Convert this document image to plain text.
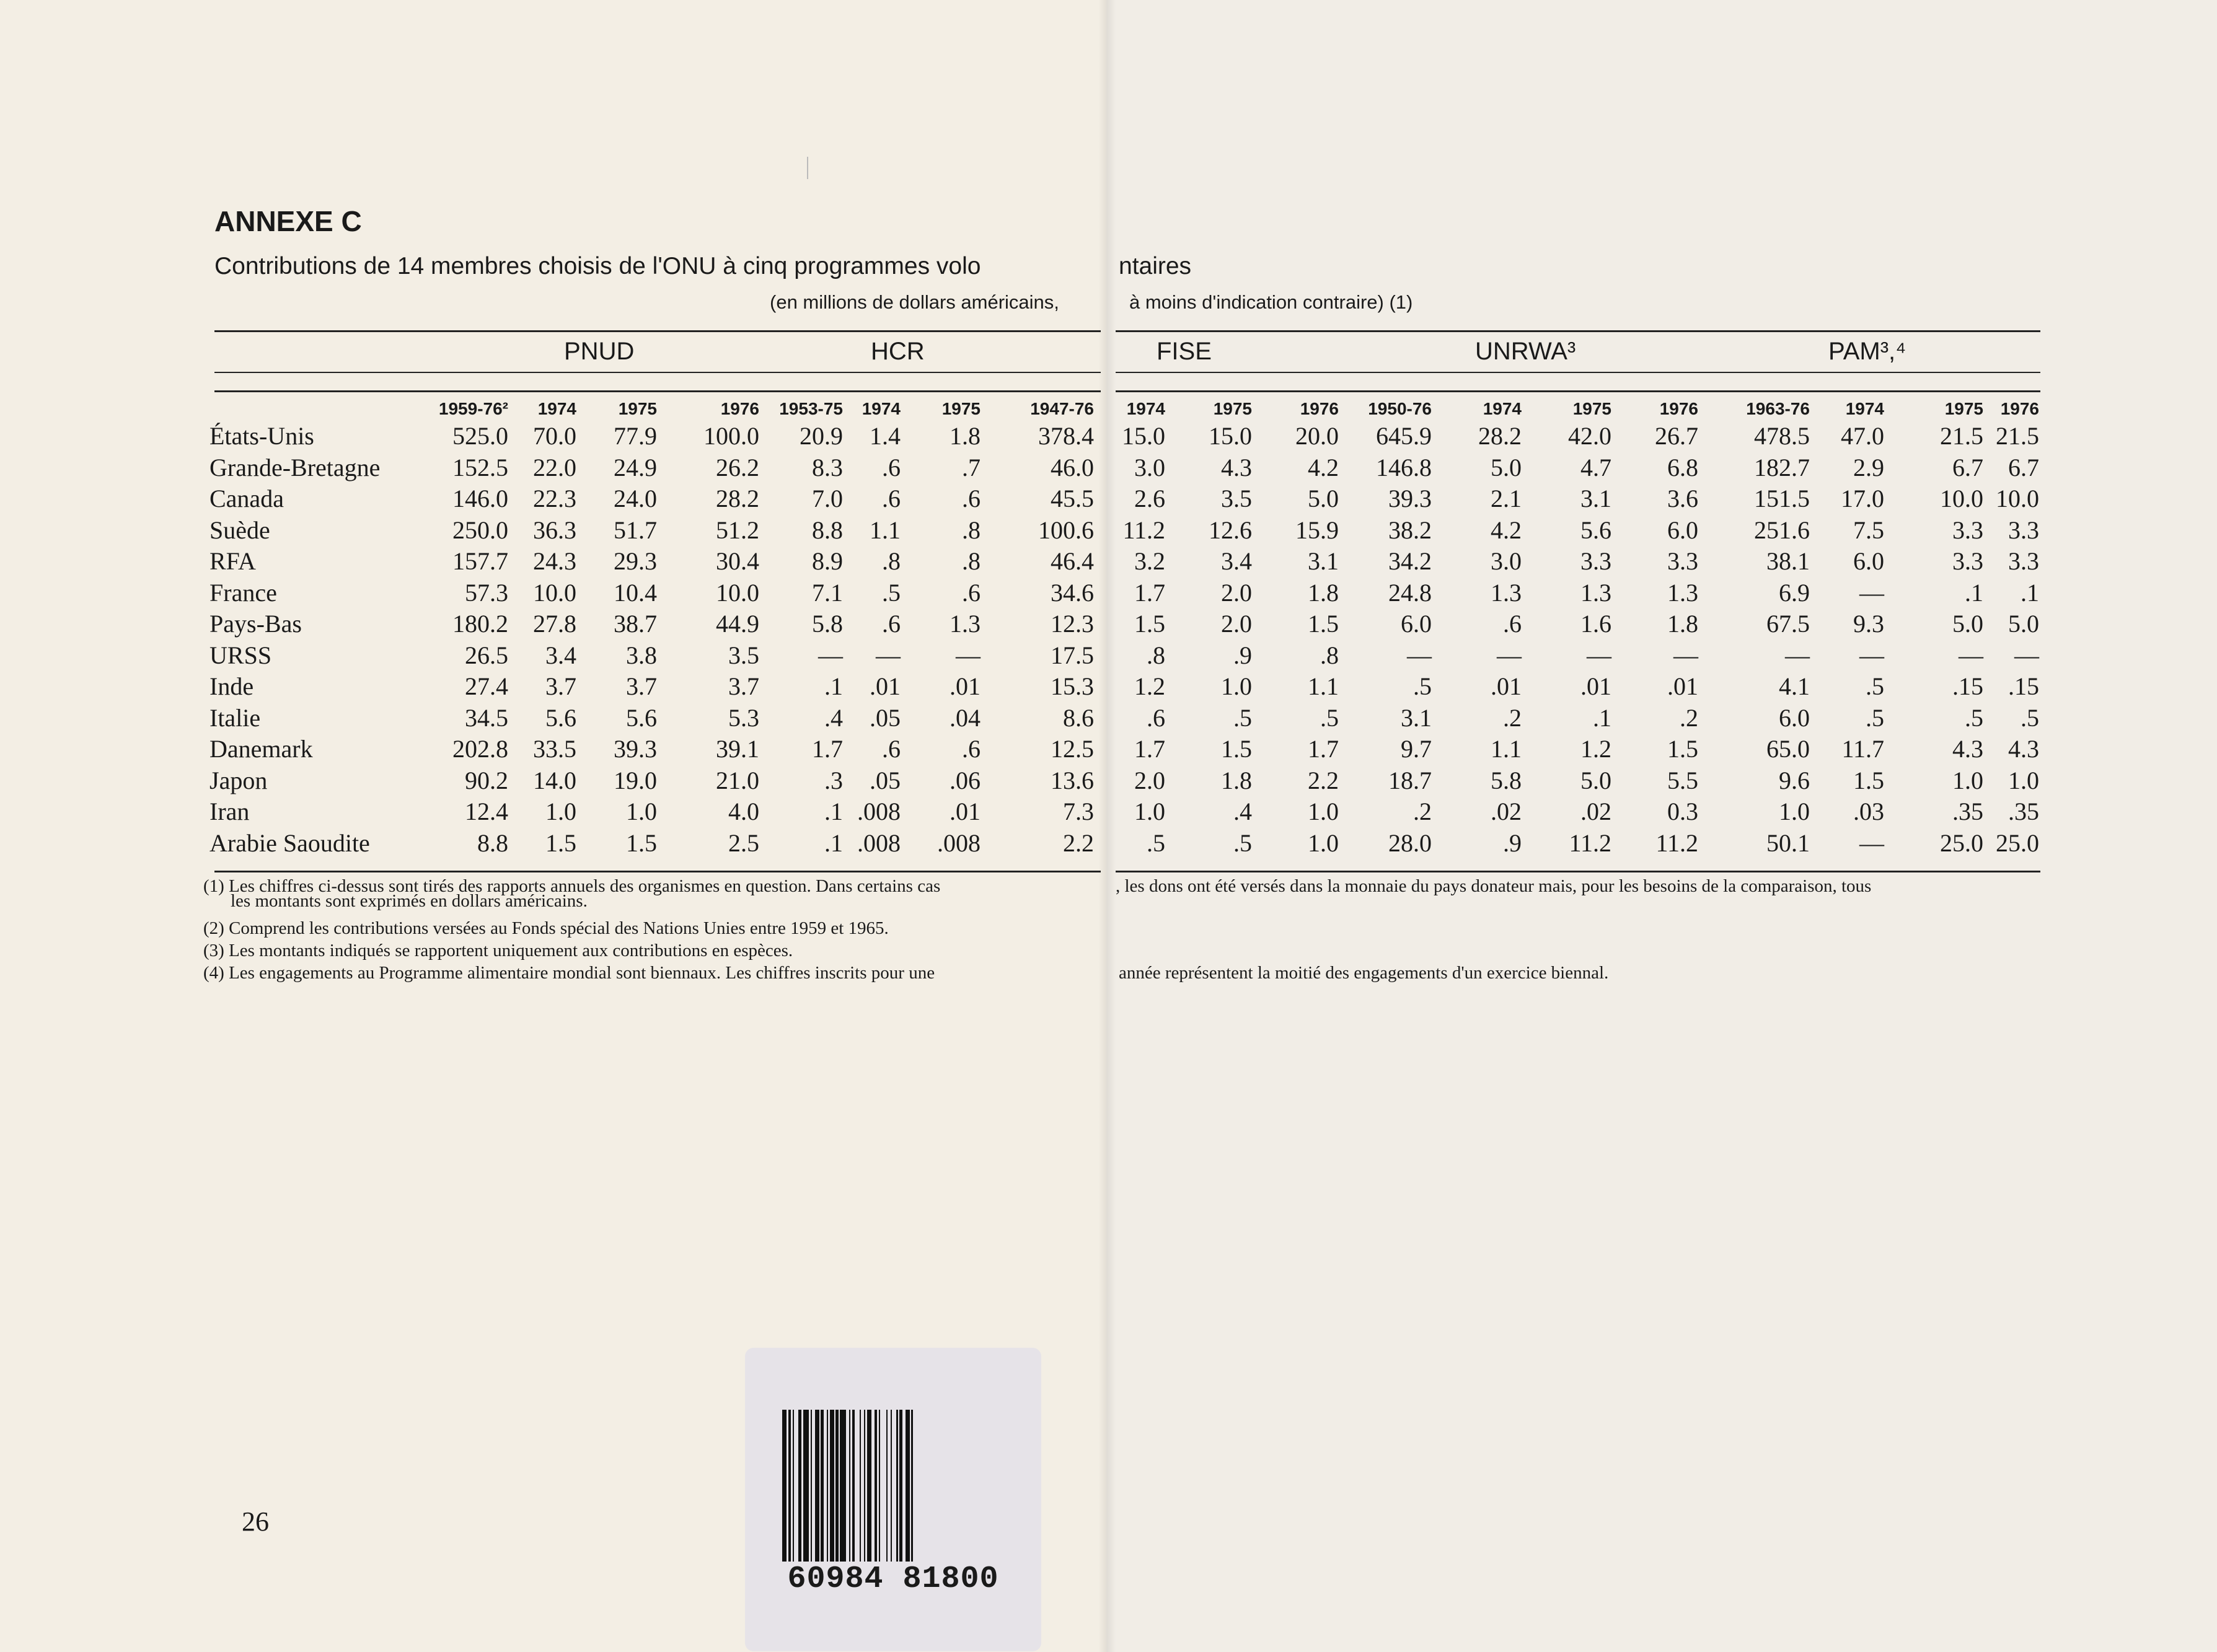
ANNEXE C
Contributions de 14 membres choisis de l'ONU à cinq programmes volo	ntaires
(en millions de dollars américains,	à moins d'indication contraire) (1)
PNUD	HCR	FISE	UNRWA³	PAM³,⁴
1959-76²	1974	1975	1976	1953-75	1974	1975	1947-76	1974	1975	1976	1950-76	1974	1975	1976	1963-76	1974	1975 1976
États-Unis	525.0	70.0	77.9	100.0	20.9	1.4	1.8	378.4	15.0	15.0	20.0	645.9	28.2	42.0	26.7	478.5	47.0	21.5 21.5
Grande-Bretagne	152.5	22.0	24.9	26.2	8.3	.6	.7	46.0	3.0	4.3	4.2	146.8	5.0	4.7	6.8	182.7	2.9	6.7	6.7
Canada	146.0	22.3	24.0	28.2	7.0	.6	.6	45.5	2.6	3.5	5.0	39.3	2.1	3.1	3.6	151.5	17.0	10.0 10.0
Suède	250.0	36.3	51.7	51.2	8.8	1.1	.8	100.6	11.2	12.6	15.9	38.2	4.2	5.6	6.0	251.6	7.5	3.3	3.3
RFA	157.7	24.3	29.3	30.4	8.9	.8	.8	46.4	3.2	3.4	3.1	34.2	3.0	3.3	3.3	38.1	6.0	3.3	3.3
France	57.3	10.0	10.4	10.0	7.1	.5	.6	34.6	1.7	2.0	1.8	24.8	1.3	1.3	1.3	6.9	—	.1	.1
Pays-Bas	180.2	27.8	38.7	44.9	5.8	.6	1.3	12.3	1.5	2.0	1.5	6.0	.6	1.6	1.8	67.5	9.3	5.0	5.0
URSS	26.5	3.4	3.8	3.5	—	—	—	17.5	.8	.9	.8	—	—	—	—	—	—	—	—
Inde	27.4	3.7	3.7	3.7	.1	.01	.01	15.3	1.2	1.0	1.1	.5	.01	.01	.01	4.1	.5	.15	.15
Italie	34.5	5.6	5.6	5.3	.4	.05	.04	8.6	.6	.5	.5	3.1	.2	.1	.2	6.0	.5	.5	.5
Danemark	202.8	33.5	39.3	39.1	1.7	.6	.6	12.5	1.7	1.5	1.7	9.7	1.1	1.2	1.5	65.0	11.7	4.3	4.3
Japon	90.2	14.0	19.0	21.0	.3	.05	.06	13.6	2.0	1.8	2.2	18.7	5.8	5.0	5.5	9.6	1.5	1.0	1.0
Iran	12.4	1.0	1.0	4.0	.1 .008	.01	7.3	1.0	.4	1.0	.2	.02	.02	0.3	1.0	.03	.35	.35
Arabie Saoudite	8.8	1.5	1.5	2.5	.1 .008	.008	2.2	.5	.5	1.0	28.0	.9	11.2	11.2	50.1	—	25.0 25.0
(1) Les chiffres ci-dessus sont tirés des rapports annuels des organismes en question. Dans certains cas	, les dons ont été versés dans la monnaie du pays donateur mais, pour les besoins de la comparaison, tous
les montants sont exprimés en dollars américains.
(2) Comprend les contributions versées au Fonds spécial des Nations Unies entre 1959 et 1965.
(3) Les montants indiqués se rapportent uniquement aux contributions en espèces.
(4) Les engagements au Programme alimentaire mondial sont biennaux. Les chiffres inscrits pour une	année représentent la moitié des engagements d'un exercice biennal.
26
60984 81800
